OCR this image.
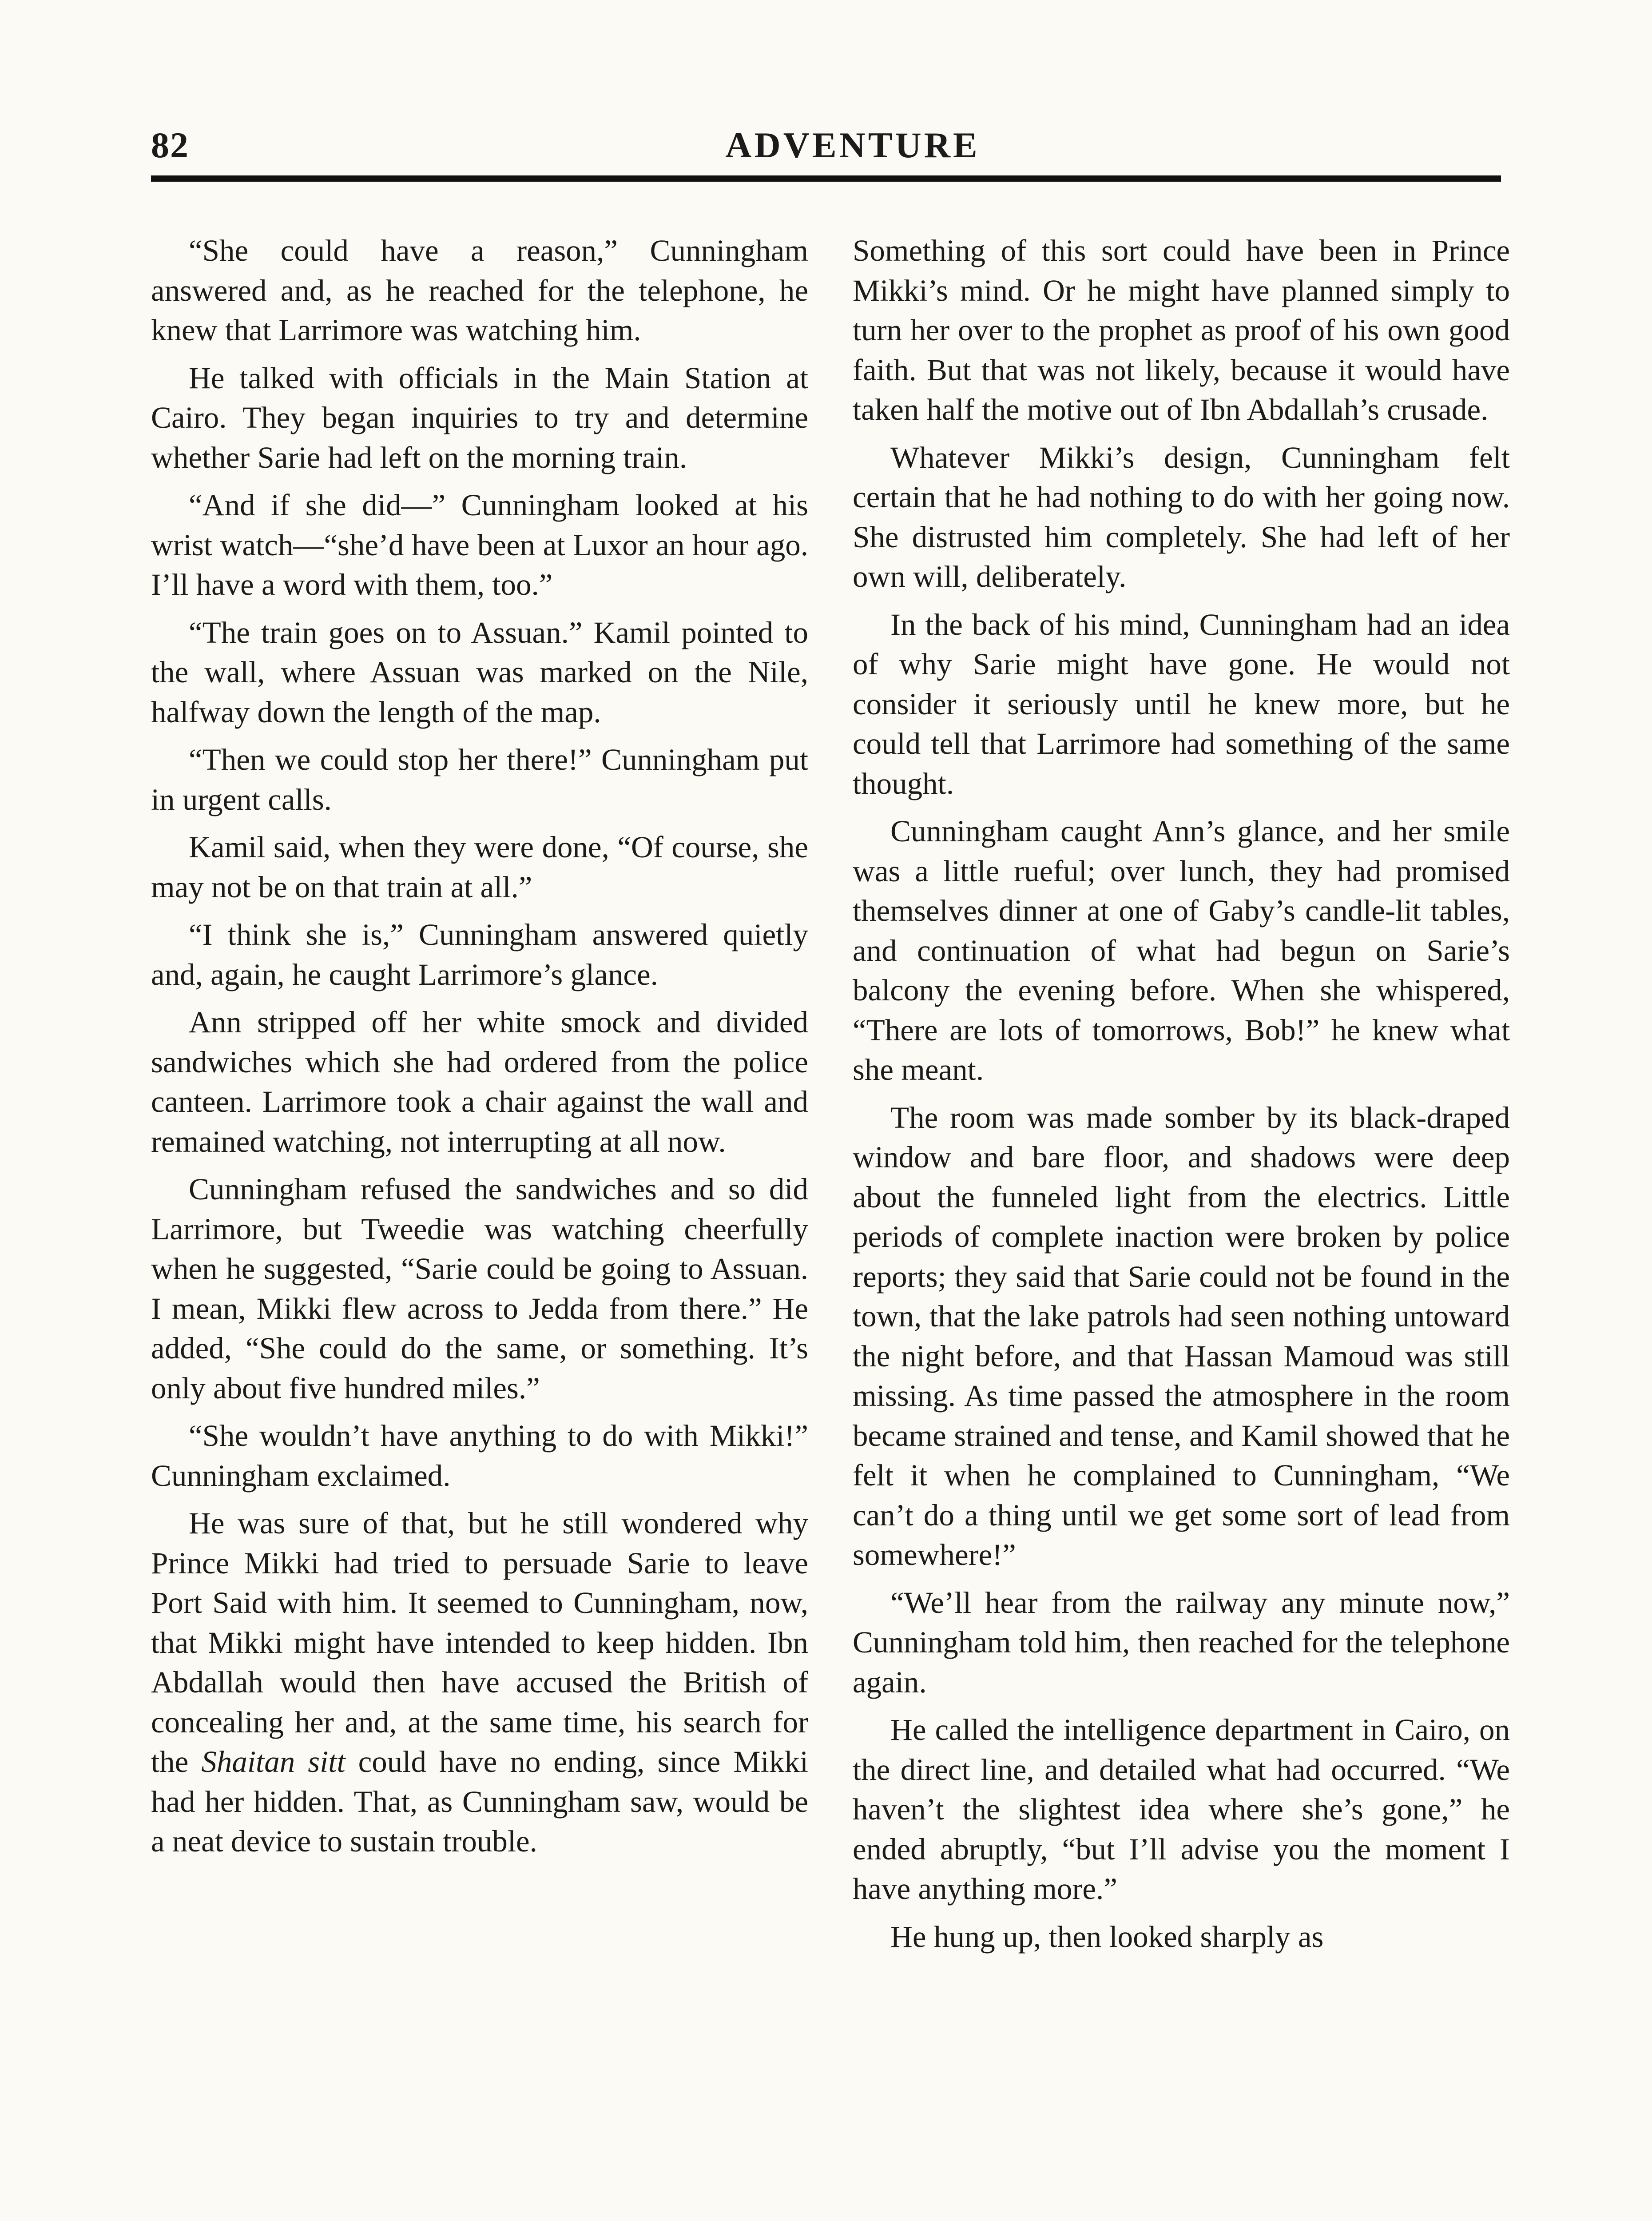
82	ADVENTURE

“She could have a reason,” Cunningham answered and, as he reached for the telephone, he knew that Larrimore was watching him.

He talked with officials in the Main Station at Cairo. They began inquiries to try and determine whether Sarie had left on the morning train.

“And if she did—” Cunningham looked at his wrist watch—“she’d have been at Luxor an hour ago. I’ll have a word with them, too.”

“The train goes on to Assuan.” Kamil pointed to the wall, where Assuan was marked on the Nile, halfway down the length of the map.

“Then we could stop her there!” Cunningham put in urgent calls.

Kamil said, when they were done, “Of course, she may not be on that train at all.”

“I think she is,” Cunningham answered quietly and, again, he caught Larrimore’s glance.

Ann stripped off her white smock and divided sandwiches which she had ordered from the police canteen. Larrimore took a chair against the wall and remained watching, not interrupting at all now.

Cunningham refused the sandwiches and so did Larrimore, but Tweedie was watching cheerfully when he suggested, “Sarie could be going to Assuan. I mean, Mikki flew across to Jedda from there.” He added, “She could do the same, or something. It’s only about five hundred miles.”

“She wouldn’t have anything to do with Mikki!” Cunningham exclaimed.

He was sure of that, but he still wondered why Prince Mikki had tried to persuade Sarie to leave Port Said with him. It seemed to Cunningham, now, that Mikki might have intended to keep hidden. Ibn Abdallah would then have accused the British of concealing her and, at the same time, his search for the Shaitan sitt could have no ending, since Mikki had her hidden. That, as Cunningham saw, would be a neat device to sustain trouble.

Something of this sort could have been in Prince Mikki’s mind. Or he might have planned simply to turn her over to the prophet as proof of his own good faith. But that was not likely, because it would have taken half the motive out of Ibn Abdallah’s crusade.

Whatever Mikki’s design, Cunningham felt certain that he had nothing to do with her going now. She distrusted him completely. She had left of her own will, deliberately.

In the back of his mind, Cunningham had an idea of why Sarie might have gone. He would not consider it seriously until he knew more, but he could tell that Larrimore had something of the same thought.

Cunningham caught Ann’s glance, and her smile was a little rueful; over lunch, they had promised themselves dinner at one of Gaby’s candle-lit tables, and continuation of what had begun on Sarie’s balcony the evening before. When she whispered, “There are lots of tomorrows, Bob!” he knew what she meant.

The room was made somber by its black-draped window and bare floor, and shadows were deep about the funneled light from the electrics. Little periods of complete inaction were broken by police reports; they said that Sarie could not be found in the town, that the lake patrols had seen nothing untoward the night before, and that Hassan Mamoud was still missing. As time passed the atmosphere in the room became strained and tense, and Kamil showed that he felt it when he complained to Cunningham, “We can’t do a thing until we get some sort of lead from somewhere!”

“We’ll hear from the railway any minute now,” Cunningham told him, then reached for the telephone again.

He called the intelligence department in Cairo, on the direct line, and detailed what had occurred. “We haven’t the slightest idea where she’s gone,” he ended abruptly, “but I’ll advise you the moment I have anything more.”

He hung up, then looked sharply as
